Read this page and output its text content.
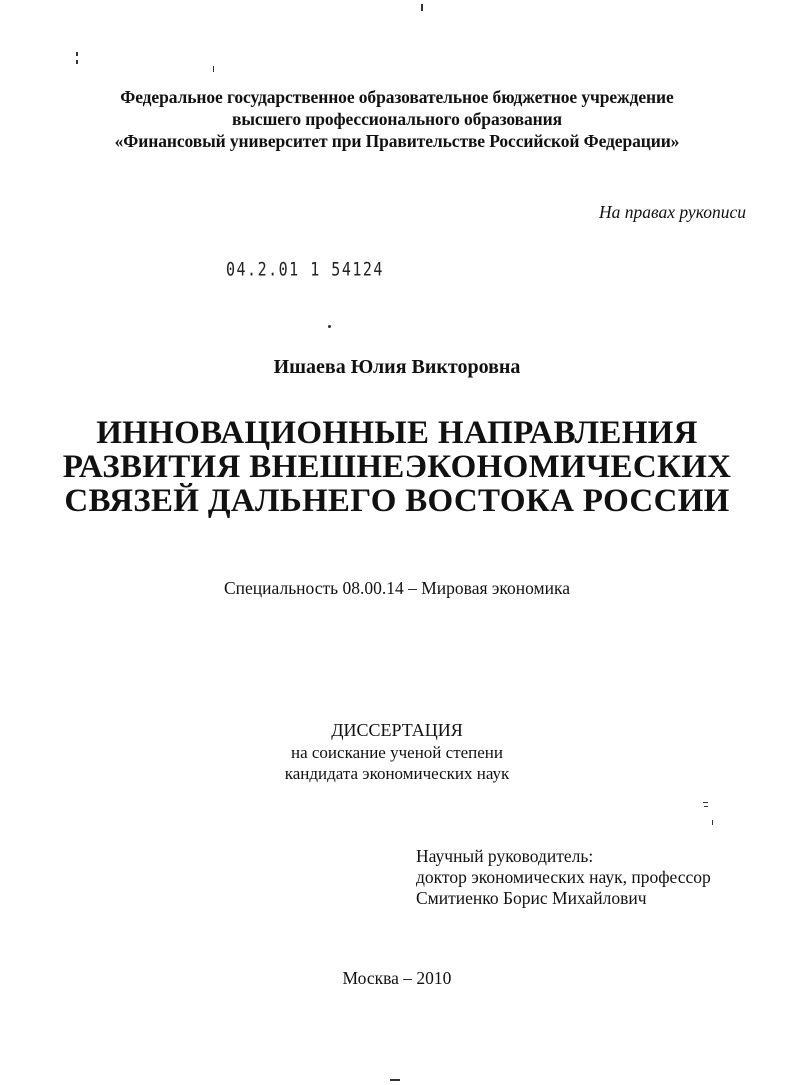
Федеральное государственное образовательное бюджетное учреждение
высшего профессионального образования
«Финансовый университет при Правительстве Российской Федерации»
На правах рукописи
04.2.01 1 54124
Ишаева Юлия Викторовна
ИННОВАЦИОННЫЕ НАПРАВЛЕНИЯ
РАЗВИТИЯ ВНЕШНЕЭКОНОМИЧЕСКИХ
СВЯЗЕЙ ДАЛЬНЕГО ВОСТОКА РОССИИ
Специальность 08.00.14 – Мировая экономика
ДИССЕРТАЦИЯ
на соискание ученой степени
кандидата экономических наук
Научный руководитель:
доктор экономических наук, профессор
Смитиенко Борис Михайлович
Москва – 2010
